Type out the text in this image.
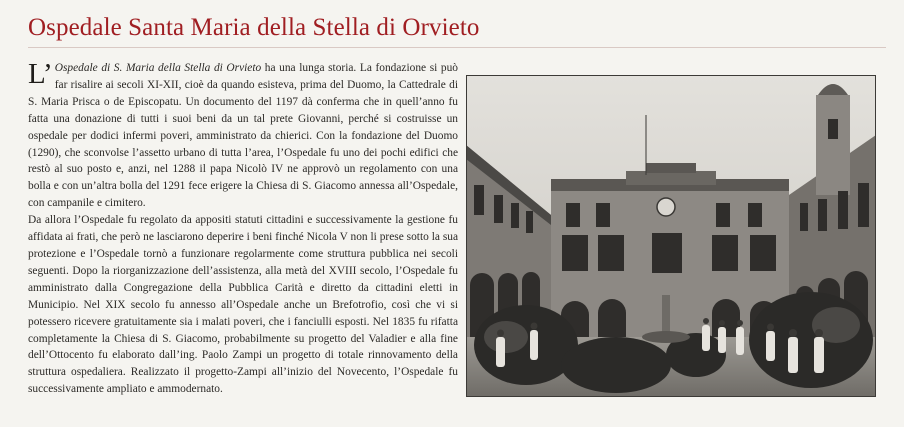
Ospedale Santa Maria della Stella di Orvieto

L’ Ospedale di S. Maria della Stella di Orvieto ha una lunga storia. La fondazione si può far risalire ai secoli XI-XII, cioè da quando esisteva, prima del Duomo, la Cattedrale di S. Maria Prisca o de Episcopatu. Un documento del 1197 dà conferma che in quell’anno fu fatta una donazione di tutti i suoi beni da un tal prete Giovanni, perché si costruisse un ospedale per dodici infermi poveri, amministrato da chierici. Con la fondazione del Duomo (1290), che sconvolse l’assetto urbano di tutta l’area, l’Ospedale fu uno dei pochi edifici che restò al suo posto e, anzi, nel 1288 il papa Nicolò IV ne approvò un regolamento con una bolla e con un’altra bolla del 1291 fece erigere la Chiesa di S. Giacomo annessa all’Ospedale, con campanile e cimitero.

Da allora l’Ospedale fu regolato da appositi statuti cittadini e successivamente la gestione fu affidata ai frati, che però ne lasciarono deperire i beni finché Nicola V non li prese sotto la sua protezione e l’Ospedale tornò a funzionare regolarmente come struttura pubblica nei secoli seguenti. Dopo la riorganizzazione dell’assistenza, alla metà del XVIII secolo, l’Ospedale fu amministrato dalla Congregazione della Pubblica Carità e diretto da cittadini eletti in Municipio. Nel XIX secolo fu annesso all’Ospedale anche un Brefotrofio, così che vi si potessero ricevere gratuitamente sia i malati poveri, che i fanciulli esposti. Nel 1835 fu rifatta completamente la Chiesa di S. Giacomo, probabilmente su progetto del Valadier e alla fine dell’Ottocento fu elaborato dall’ing. Paolo Zampi un progetto di totale rinnovamento della struttura ospedaliera. Realizzato il progetto-Zampi all’inizio del Novecento, l’Ospedale fu successivamente ampliato e ammodernato.
